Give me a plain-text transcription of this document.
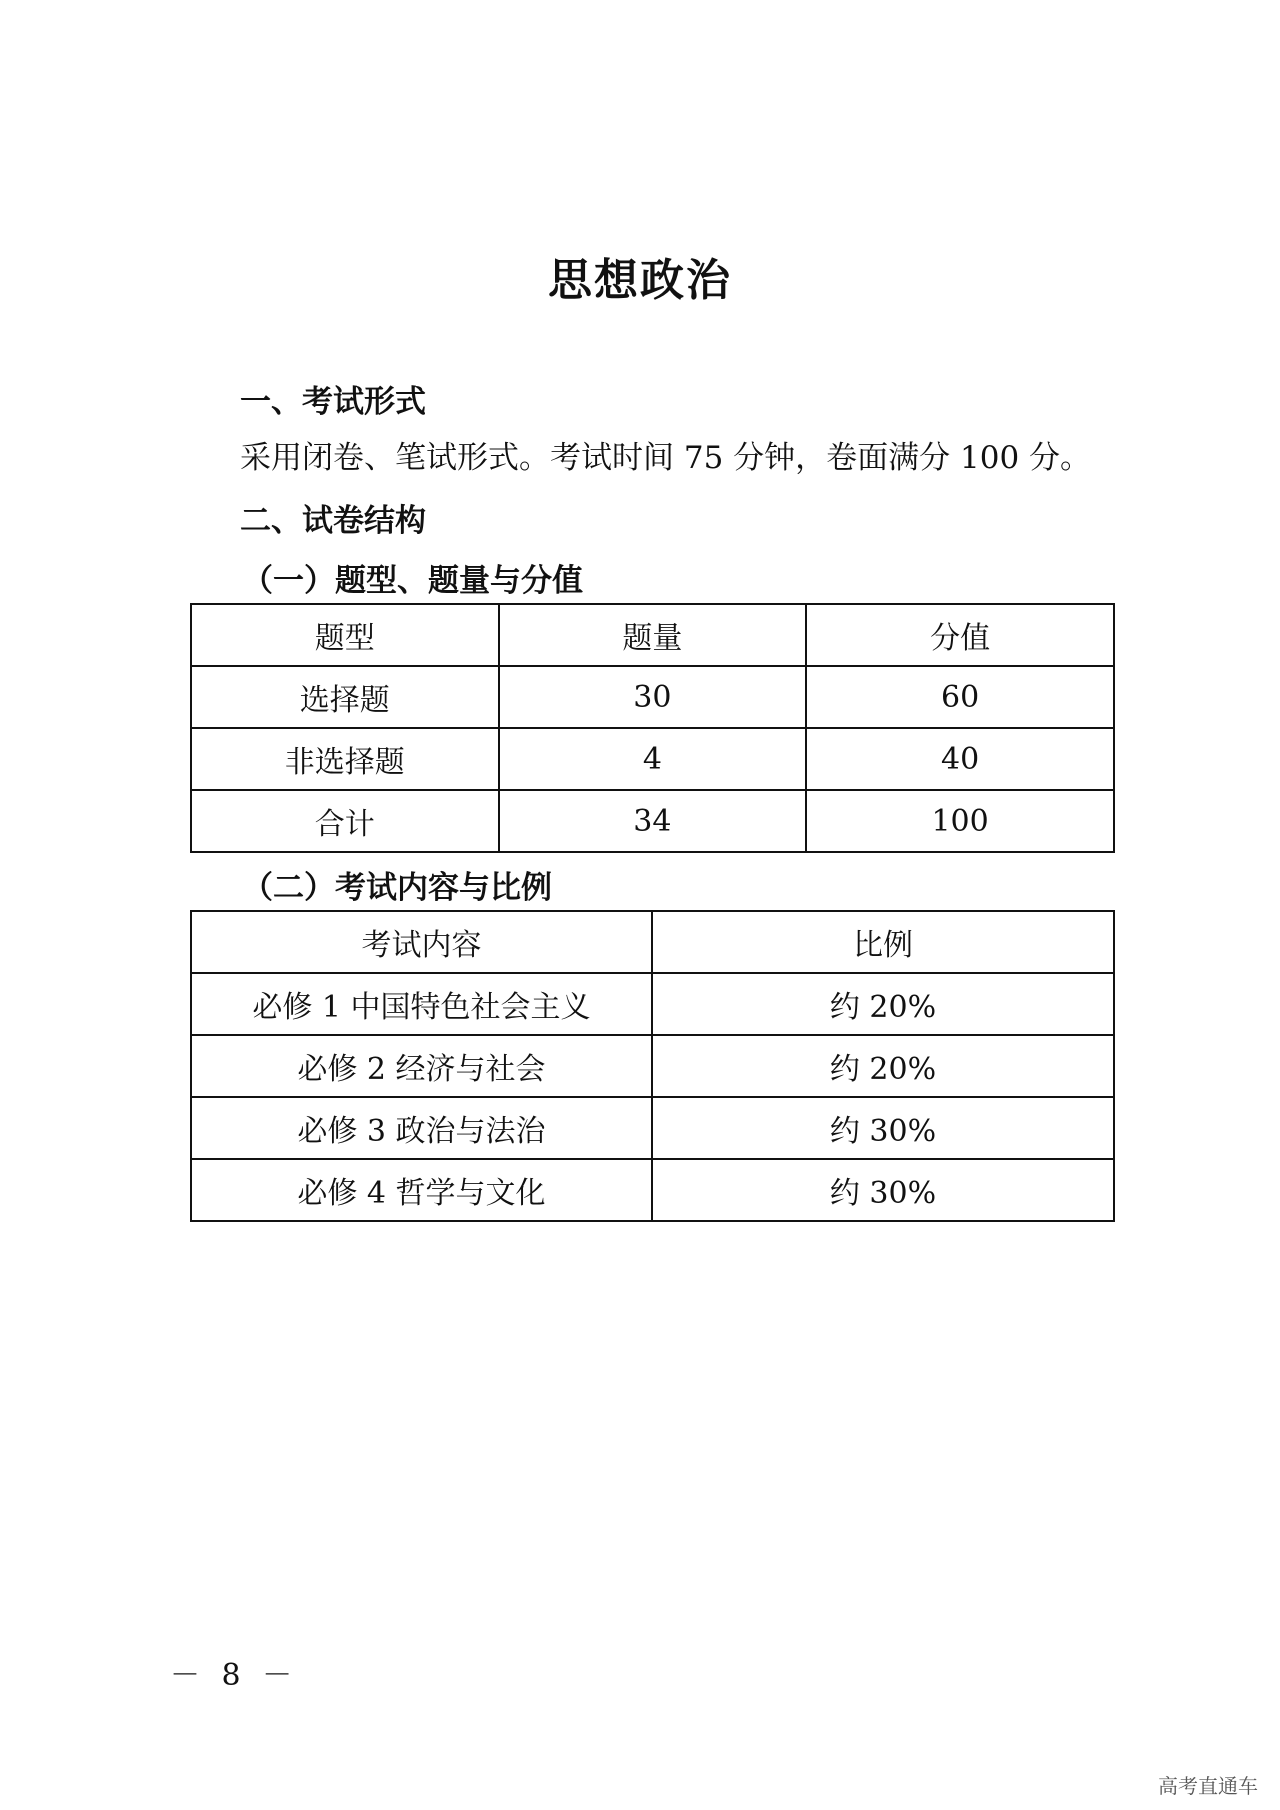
思想政治
一、考试形式
采用闭卷、笔试形式。考试时间 75 分钟，卷面满分 100 分。
二、试卷结构
（一）题型、题量与分值
题型	题量	分值
选择题	30	60
非选择题	4	40
合计	34	100
（二）考试内容与比例
考试内容	比例
必修 1 中国特色社会主义	约 20%
必修 2 经济与社会	约 20%
必修 3 政治与法治	约 30%
必修 4 哲学与文化	约 30%
－ 8 －
高考直通车
